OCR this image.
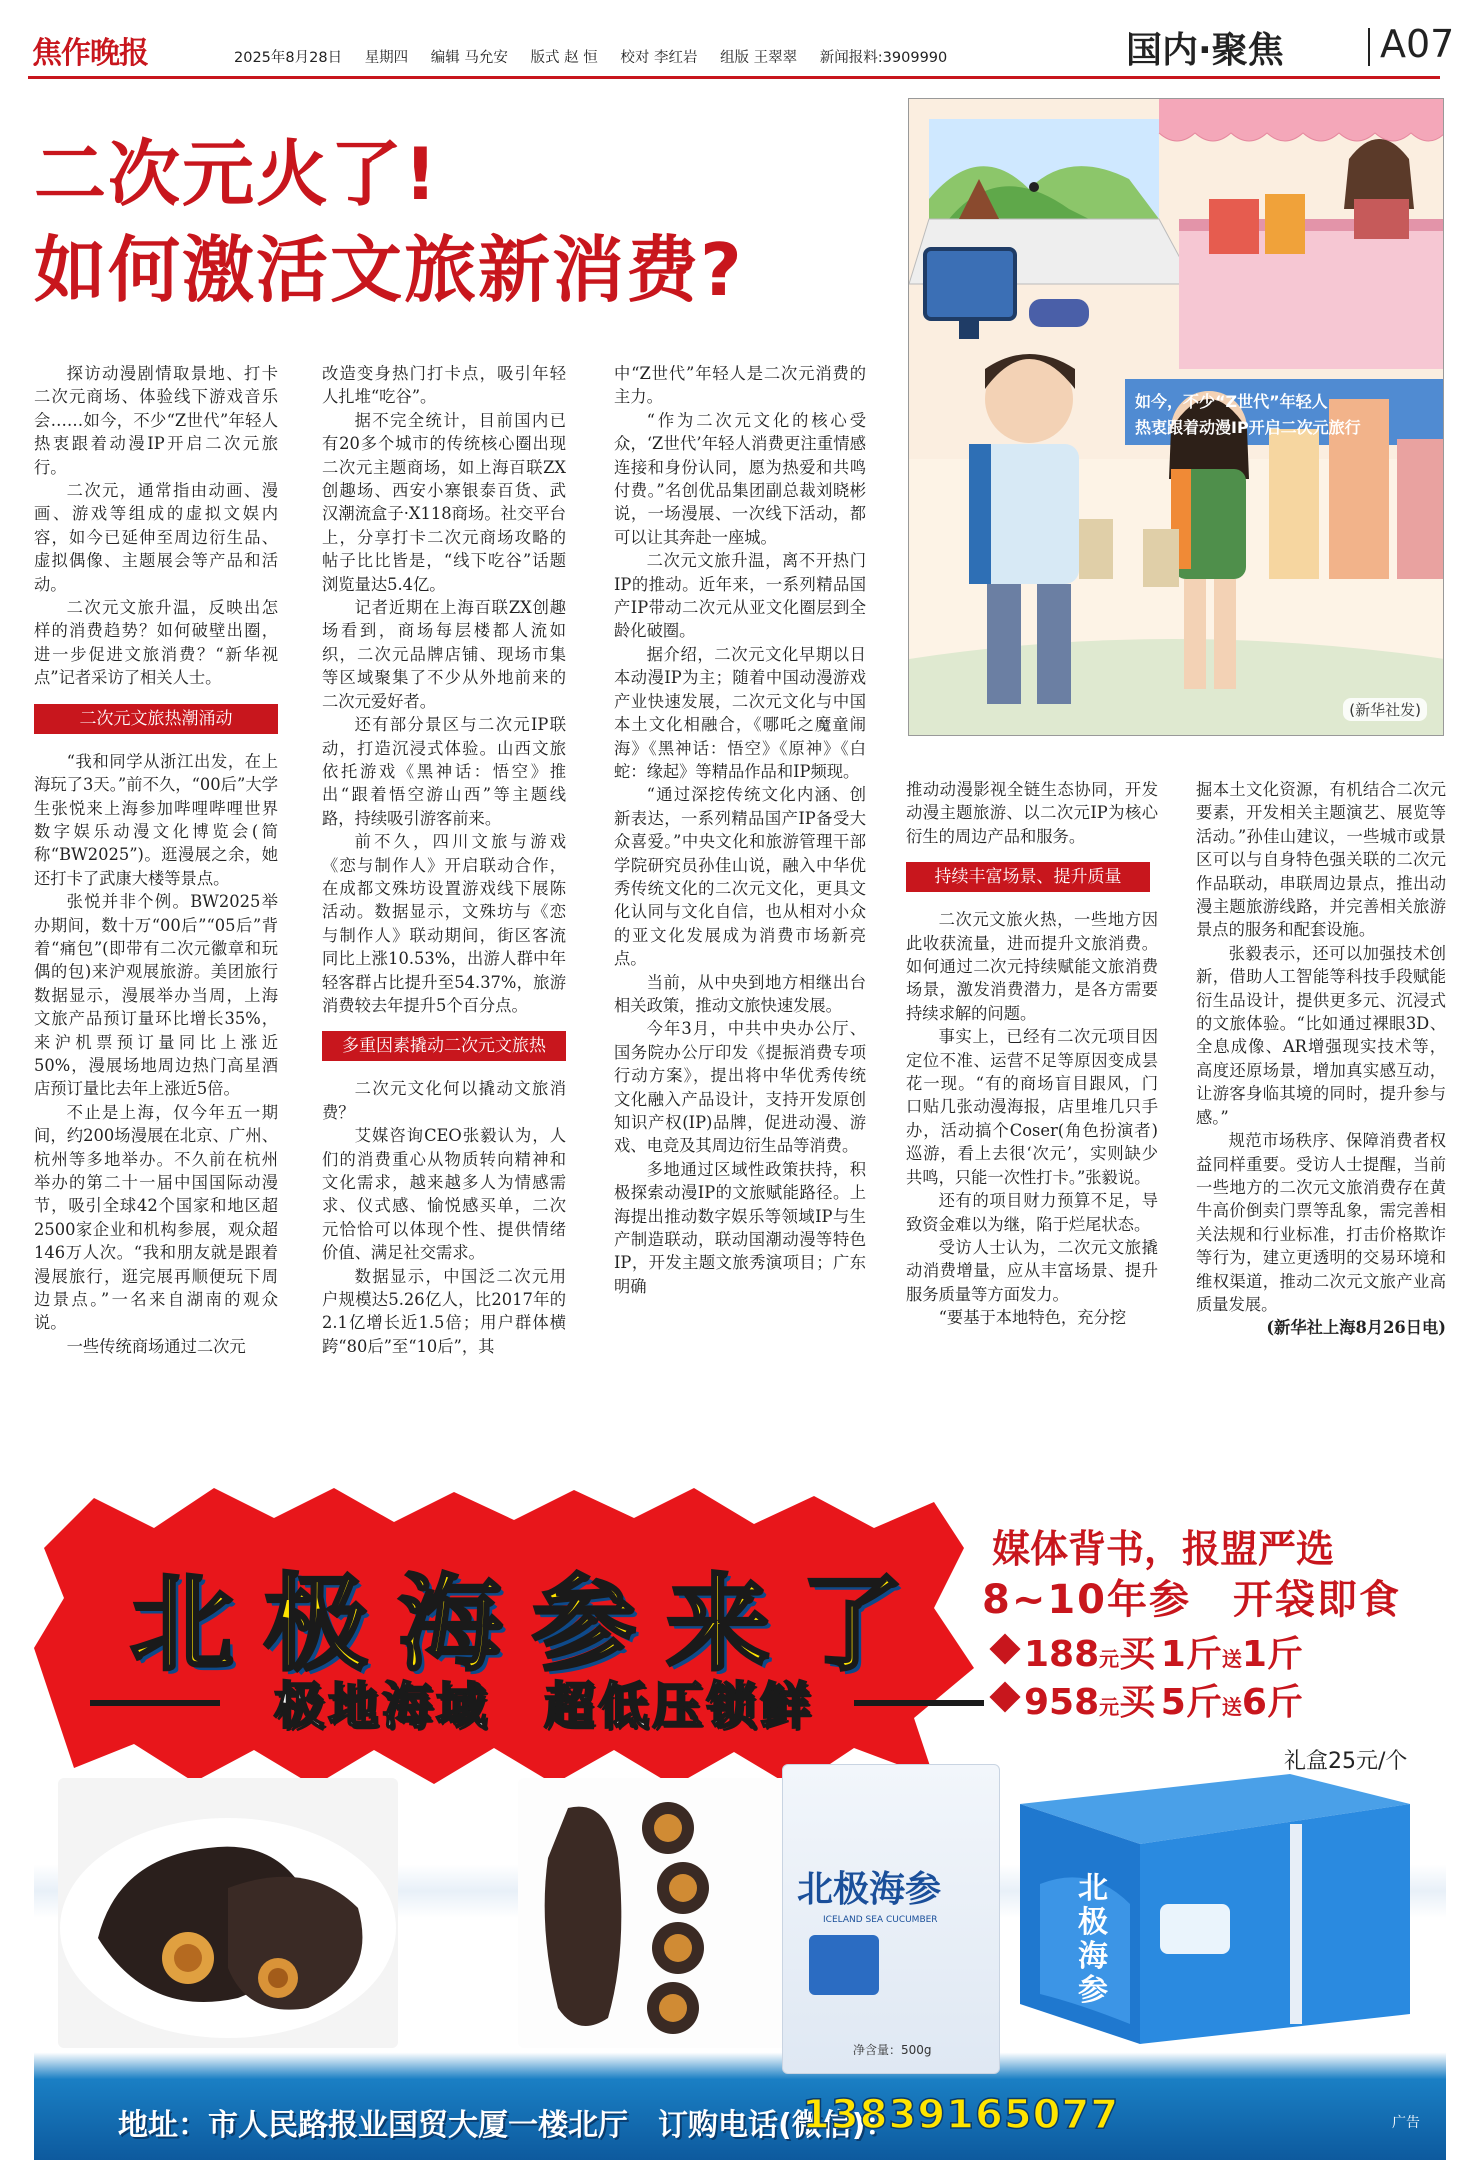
焦作晚报	2025年8月28日 星期四 编辑 马允安 版式 赵 恒 校对 李红岩 组版 王翠翠 新闻报料:3909990	国内·聚焦	A07
二次元火了!
如何激活文旅新消费?
如今，不少“Z世代”年轻人
热衷跟着动漫IP开启二次元旅行
(新华社发)

探访动漫剧情取景地、打卡二次元商场、体验线下游戏音乐会……如今，不少“Z世代”年轻人热衷跟着动漫IP开启二次元旅行。

二次元，通常指由动画、漫画、游戏等组成的虚拟文娱内容，如今已延伸至周边衍生品、虚拟偶像、主题展会等产品和活动。

二次元文旅升温，反映出怎样的消费趋势？如何破壁出圈，进一步促进文旅消费？“新华视点”记者采访了相关人士。

二次元文旅热潮涌动

“我和同学从浙江出发，在上海玩了3天。”前不久，“00后”大学生张悦来上海参加哔哩哔哩世界数字娱乐动漫文化博览会(简称“BW2025”)。逛漫展之余，她还打卡了武康大楼等景点。

张悦并非个例。BW2025举办期间，数十万“00后”“05后”背着“痛包”(即带有二次元徽章和玩偶的包)来沪观展旅游。美团旅行数据显示，漫展举办当周，上海文旅产品预订量环比增长35%，来沪机票预订量同比上涨近50%，漫展场地周边热门高星酒店预订量比去年上涨近5倍。

不止是上海，仅今年五一期间，约200场漫展在北京、广州、杭州等多地举办。不久前在杭州举办的第二十一届中国国际动漫节，吸引全球42个国家和地区超2500家企业和机构参展，观众超146万人次。“我和朋友就是跟着漫展旅行，逛完展再顺便玩下周边景点。”一名来自湖南的观众说。

一些传统商场通过二次元

改造变身热门打卡点，吸引年轻人扎堆“吃谷”。

据不完全统计，目前国内已有20多个城市的传统核心圈出现二次元主题商场，如上海百联ZX创趣场、西安小寨银泰百货、武汉潮流盒子·X118商场。社交平台上，分享打卡二次元商场攻略的帖子比比皆是，“线下吃谷”话题浏览量达5.4亿。

记者近期在上海百联ZX创趣场看到，商场每层楼都人流如织，二次元品牌店铺、现场市集等区域聚集了不少从外地前来的二次元爱好者。

还有部分景区与二次元IP联动，打造沉浸式体验。山西文旅依托游戏《黑神话：悟空》推出“跟着悟空游山西”等主题线路，持续吸引游客前来。

前不久，四川文旅与游戏《恋与制作人》开启联动合作，在成都文殊坊设置游戏线下展陈活动。数据显示，文殊坊与《恋与制作人》联动期间，街区客流同比上涨10.53%，出游人群中年轻客群占比提升至54.37%，旅游消费较去年提升5个百分点。

多重因素撬动二次元文旅热

二次元文化何以撬动文旅消费？

艾媒咨询CEO张毅认为，人们的消费重心从物质转向精神和文化需求，越来越多人为情感需求、仪式感、愉悦感买单，二次元恰恰可以体现个性、提供情绪价值、满足社交需求。

数据显示，中国泛二次元用户规模达5.26亿人，比2017年的2.1亿增长近1.5倍；用户群体横跨“80后”至“10后”，其

中“Z世代”年轻人是二次元消费的主力。

“作为二次元文化的核心受众，‘Z世代’年轻人消费更注重情感连接和身份认同，愿为热爱和共鸣付费。”名创优品集团副总裁刘晓彬说，一场漫展、一次线下活动，都可以让其奔赴一座城。

二次元文旅升温，离不开热门IP的推动。近年来，一系列精品国产IP带动二次元从亚文化圈层到全龄化破圈。

据介绍，二次元文化早期以日本动漫IP为主；随着中国动漫游戏产业快速发展，二次元文化与中国本土文化相融合，《哪吒之魔童闹海》《黑神话：悟空》《原神》《白蛇：缘起》等精品作品和IP频现。

“通过深挖传统文化内涵、创新表达，一系列精品国产IP备受大众喜爱。”中央文化和旅游管理干部学院研究员孙佳山说，融入中华优秀传统文化的二次元文化，更具文化认同与文化自信，也从相对小众的亚文化发展成为消费市场新亮点。

当前，从中央到地方相继出台相关政策，推动文旅快速发展。

今年3月，中共中央办公厅、国务院办公厅印发《提振消费专项行动方案》，提出将中华优秀传统文化融入产品设计，支持开发原创知识产权(IP)品牌，促进动漫、游戏、电竞及其周边衍生品等消费。

多地通过区域性政策扶持，积极探索动漫IP的文旅赋能路径。上海提出推动数字娱乐等领域IP与生产制造联动，联动国潮动漫等特色IP，开发主题文旅秀演项目；广东明确

推动动漫影视全链生态协同，开发动漫主题旅游、以二次元IP为核心衍生的周边产品和服务。

持续丰富场景、提升质量

二次元文旅火热，一些地方因此收获流量，进而提升文旅消费。如何通过二次元持续赋能文旅消费场景，激发消费潜力，是各方需要持续求解的问题。

事实上，已经有二次元项目因定位不准、运营不足等原因变成昙花一现。“有的商场盲目跟风，门口贴几张动漫海报，店里堆几只手办，活动搞个Coser(角色扮演者)巡游，看上去很‘次元’，实则缺少共鸣，只能一次性打卡。”张毅说。

还有的项目财力预算不足，导致资金难以为继，陷于烂尾状态。

受访人士认为，二次元文旅撬动消费增量，应从丰富场景、提升服务质量等方面发力。

“要基于本地特色，充分挖

掘本土文化资源，有机结合二次元要素，开发相关主题演艺、展览等活动。”孙佳山建议，一些城市或景区可以与自身特色强关联的二次元作品联动，串联周边景点，推出动漫主题旅游线路，并完善相关旅游景点的服务和配套设施。

张毅表示，还可以加强技术创新，借助人工智能等科技手段赋能衍生品设计，提供更多元、沉浸式的文旅体验。“比如通过裸眼3D、全息成像、AR增强现实技术等，高度还原场景，增加真实感互动，让游客身临其境的同时，提升参与感。”

规范市场秩序、保障消费者权益同样重要。受访人士提醒，当前一些地方的二次元文旅消费存在黄牛高价倒卖门票等乱象，需完善相关法规和行业标准，打击价格欺诈等行为，建立更透明的交易环境和维权渠道，推动二次元文旅产业高质量发展。

(新华社上海8月26日电)

北极海参来了
极地海域　超低压锁鲜
媒体背书，报盟严选
8~10年参　开袋即食
188元买 1斤送1斤
958元买 5斤送6斤
礼盒25元/个
北极海参
ICELAND SEA CUCUMBER
净含量：500g
北极海参
地址：市人民路报业国贸大厦一楼北厅　订购电话(微信)：
13839165077	广告
